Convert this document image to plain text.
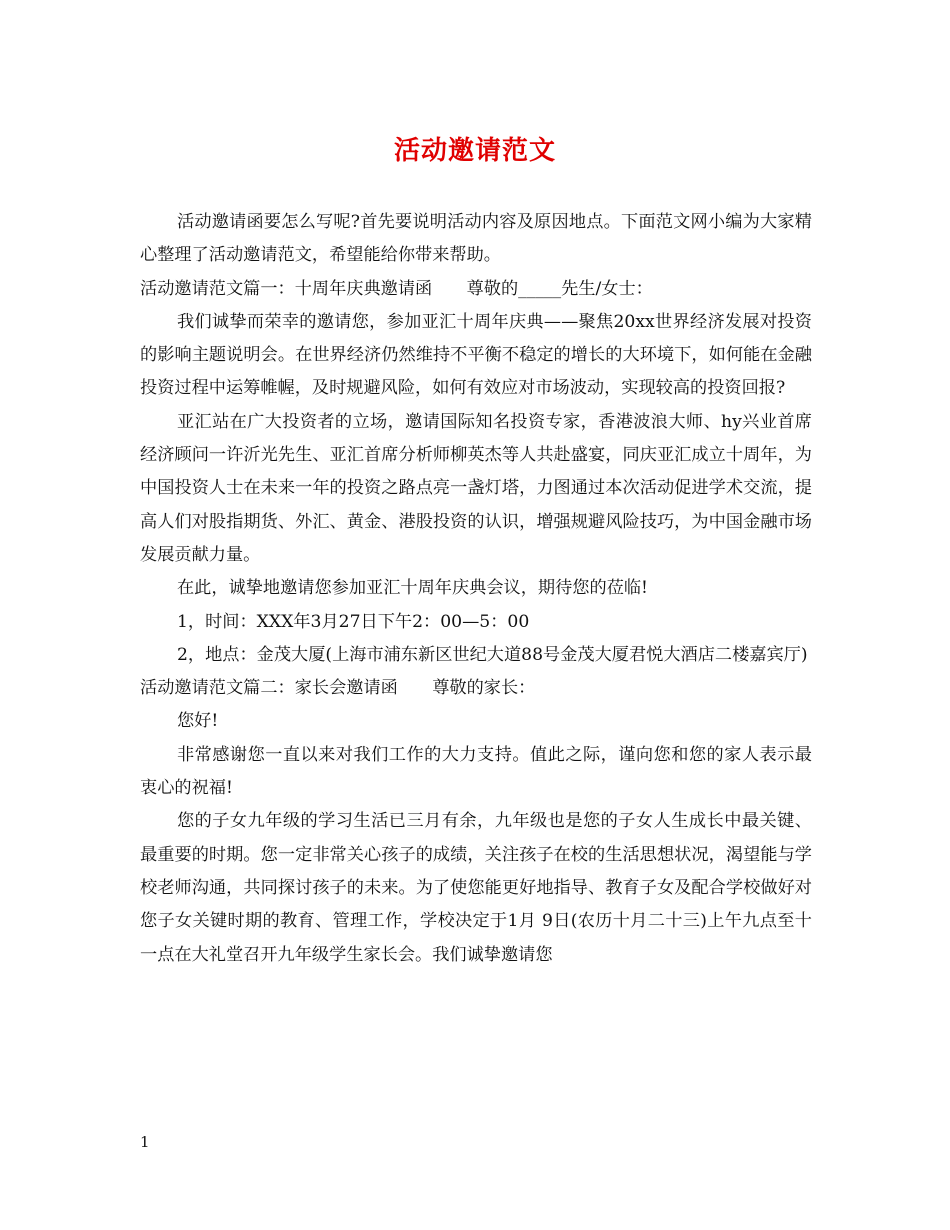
活动邀请范文

活动邀请函要怎么写呢?首先要说明活动内容及原因地点。下面范文网小编为大家精心整理了活动邀请范文，希望能给你带来帮助。

活动邀请范文篇一：十周年庆典邀请函　　尊敬的_____先生/女士：

我们诚挚而荣幸的邀请您，参加亚汇十周年庆典——聚焦20xx世界经济发展对投资的影响主题说明会。在世界经济仍然维持不平衡不稳定的增长的大环境下，如何能在金融投资过程中运筹帷幄，及时规避风险，如何有效应对市场波动，实现较高的投资回报?

亚汇站在广大投资者的立场，邀请国际知名投资专家，香港波浪大师、hy兴业首席经济顾问一许沂光先生、亚汇首席分析师柳英杰等人共赴盛宴，同庆亚汇成立十周年，为中国投资人士在未来一年的投资之路点亮一盏灯塔，力图通过本次活动促进学术交流，提高人们对股指期货、外汇、黄金、港股投资的认识，增强规避风险技巧，为中国金融市场发展贡献力量。

在此，诚挚地邀请您参加亚汇十周年庆典会议，期待您的莅临!

1，时间：XXX年3月27日下午2：00—5：00

2，地点：金茂大厦(上海市浦东新区世纪大道88号金茂大厦君悦大酒店二楼嘉宾厅)

活动邀请范文篇二：家长会邀请函　　尊敬的家长：

您好!

非常感谢您一直以来对我们工作的大力支持。值此之际，谨向您和您的家人表示最衷心的祝福!

您的子女九年级的学习生活已三月有余，九年级也是您的子女人生成长中最关键、最重要的时期。您一定非常关心孩子的成绩，关注孩子在校的生活思想状况，渴望能与学校老师沟通，共同探讨孩子的未来。为了使您能更好地指导、教育子女及配合学校做好对您子女关键时期的教育、管理工作，学校决定于1月 9日(农历十月二十三)上午九点至十一点在大礼堂召开九年级学生家长会。我们诚挚邀请您

1
